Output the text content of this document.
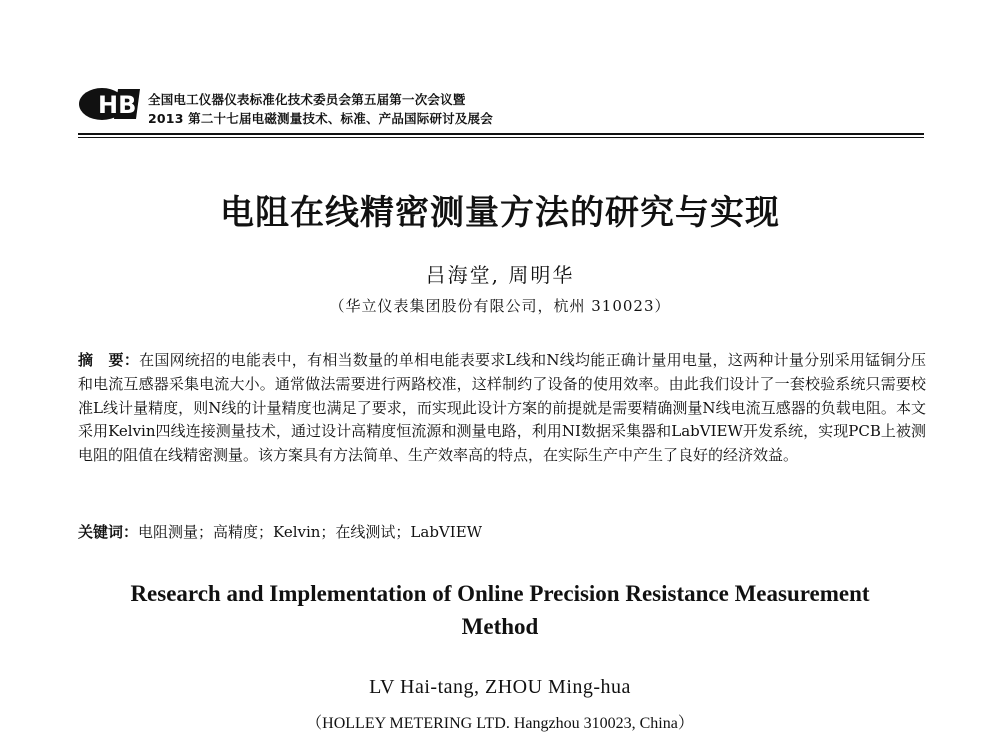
HB 全国电工仪器仪表标准化技术委员会第五届第一次会议暨
2013 第二十七届电磁测量技术、标准、产品国际研讨及展会
电阻在线精密测量方法的研究与实现
吕海堂, 周明华
（华立仪表集团股份有限公司，杭州 310023）
摘　要：在国网统招的电能表中，有相当数量的单相电能表要求L线和N线均能正确计量用电量，这两种计量分别采用锰铜分压和电流互感器采集电流大小。通常做法需要进行两路校准，这样制约了设备的使用效率。由此我们设计了一套校验系统只需要校准L线计量精度，则N线的计量精度也满足了要求，而实现此设计方案的前提就是需要精确测量N线电流互感器的负载电阻。本文采用Kelvin四线连接测量技术，通过设计高精度恒流源和测量电路，利用NI数据采集器和LabVIEW开发系统，实现PCB上被测电阻的阻值在线精密测量。该方案具有方法简单、生产效率高的特点，在实际生产中产生了良好的经济效益。
关键词：电阻测量；高精度；Kelvin；在线测试；LabVIEW
Research and Implementation of Online Precision Resistance Measurement Method
LV Hai-tang, ZHOU Ming-hua
（HOLLEY METERING LTD. Hangzhou 310023, China）
